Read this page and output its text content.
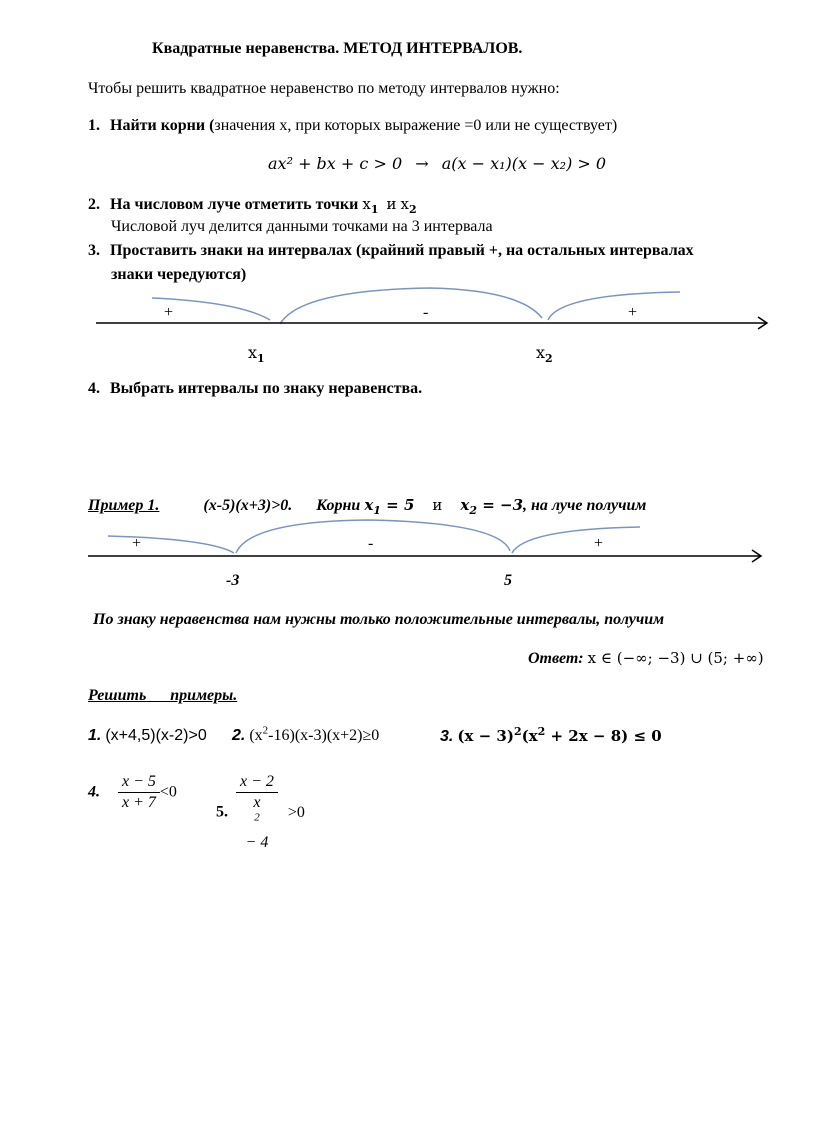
Квадратные неравенства. МЕТОД ИНТЕРВАЛОВ.
Чтобы решить квадратное неравенство по методу интервалов нужно:
1. Найти корни (значения х, при которых выражение =0 или не существует)
ax² + bx + c > 0 → a(x − x₁)(x − x₂) > 0
2. На числовом луче отметить точки $x_1$ и $x_2$
Числовой луч делится данными точками на 3 интервала
3. Проставить знаки на интервалах (крайний правый +, на остальных интервалах
знаки чередуются)
+	-	+
$x_1$	$x_2$
4. Выбрать интервалы по знаку неравенства.
Пример 1.	(x-5)(x+3)>0. Корни $x_1 = 5$ и $x_2 = -3$, на луче получим
+	-	+
-3	5
По знаку неравенства нам нужны только положительные интервалы, получим
Ответ: x ∈ (−∞; −3) ∪ (5; +∞)
Решить примеры.
1. (x+4,5)(x-2)>0 2. $(x^2-16)(x-3)(x+2)\ge 0$	3. $(x - 3)^2(x^2 + 2x - 8) \le 0$
4. $\frac{x - 5}{x + 7} <0$
5. x − 2
x
$^2$
− 4 >0
